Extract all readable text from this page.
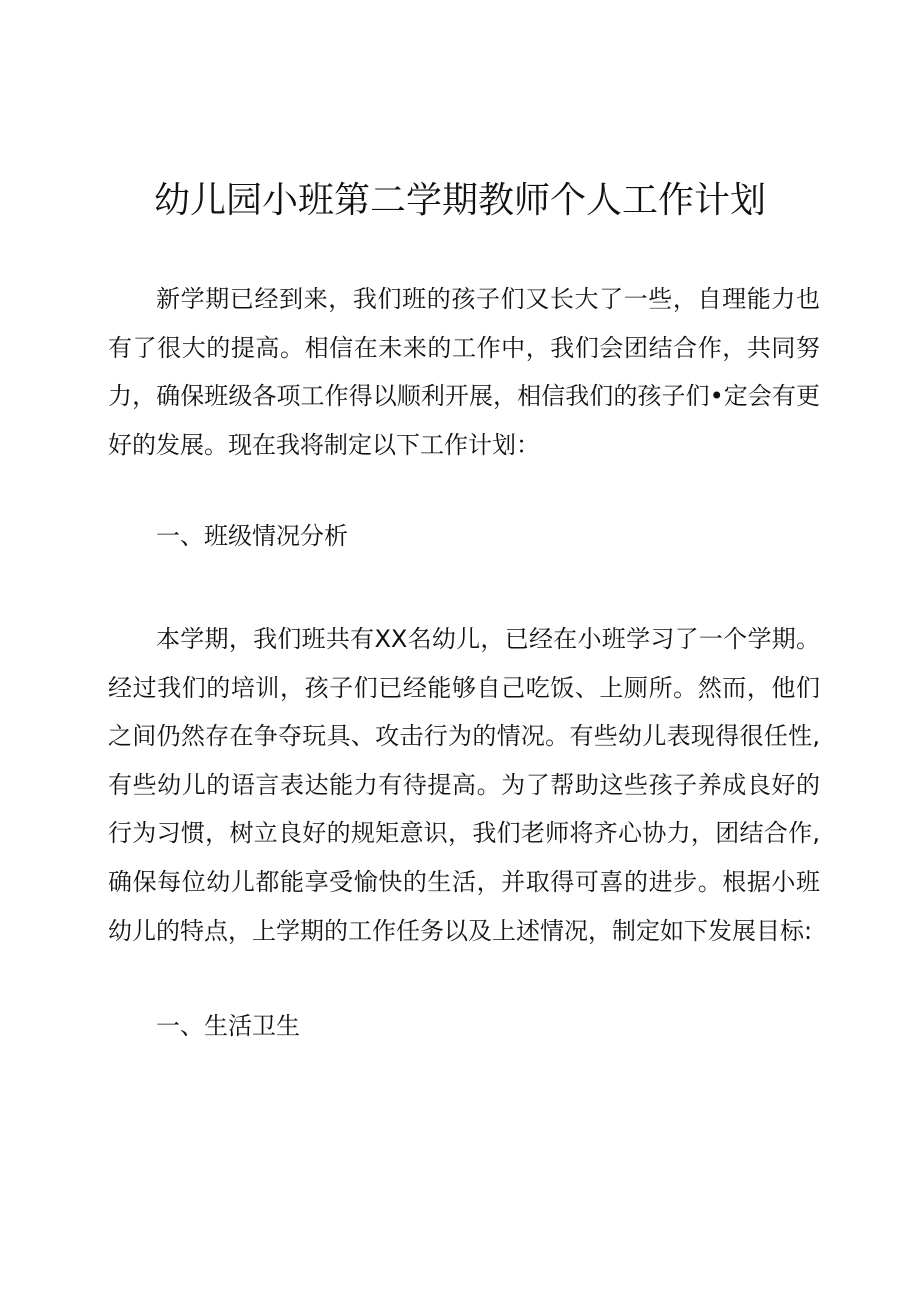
幼儿园小班第二学期教师个人工作计划

新学期已经到来，我们班的孩子们又长大了一些，自理能力也有了很大的提高。相信在未来的工作中，我们会团结合作，共同努力，确保班级各项工作得以顺利开展，相信我们的孩子们•定会有更好的发展。现在我将制定以下工作计划：

一、班级情况分析

本学期，我们班共有XX名幼儿，已经在小班学习了一个学期。经过我们的培训，孩子们已经能够自己吃饭、上厕所。然而，他们之间仍然存在争夺玩具、攻击行为的情况。有些幼儿表现得很任性,有些幼儿的语言表达能力有待提高。为了帮助这些孩子养成良好的行为习惯，树立良好的规矩意识，我们老师将齐心协力，团结合作,确保每位幼儿都能享受愉快的生活，并取得可喜的进步。根据小班幼儿的特点，上学期的工作任务以及上述情况，制定如下发展目标:

一、生活卫生
